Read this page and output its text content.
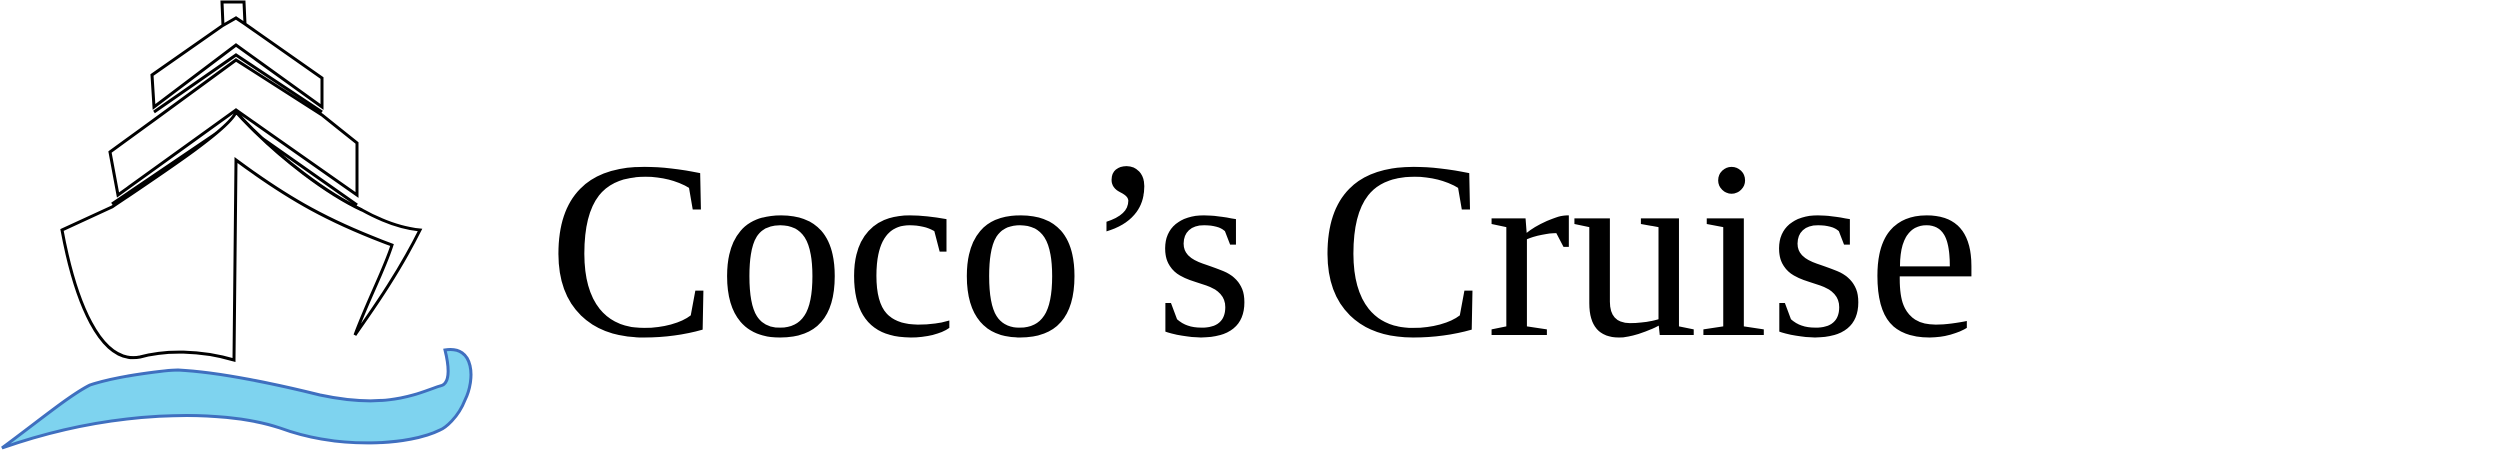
Coco’s Cruise
